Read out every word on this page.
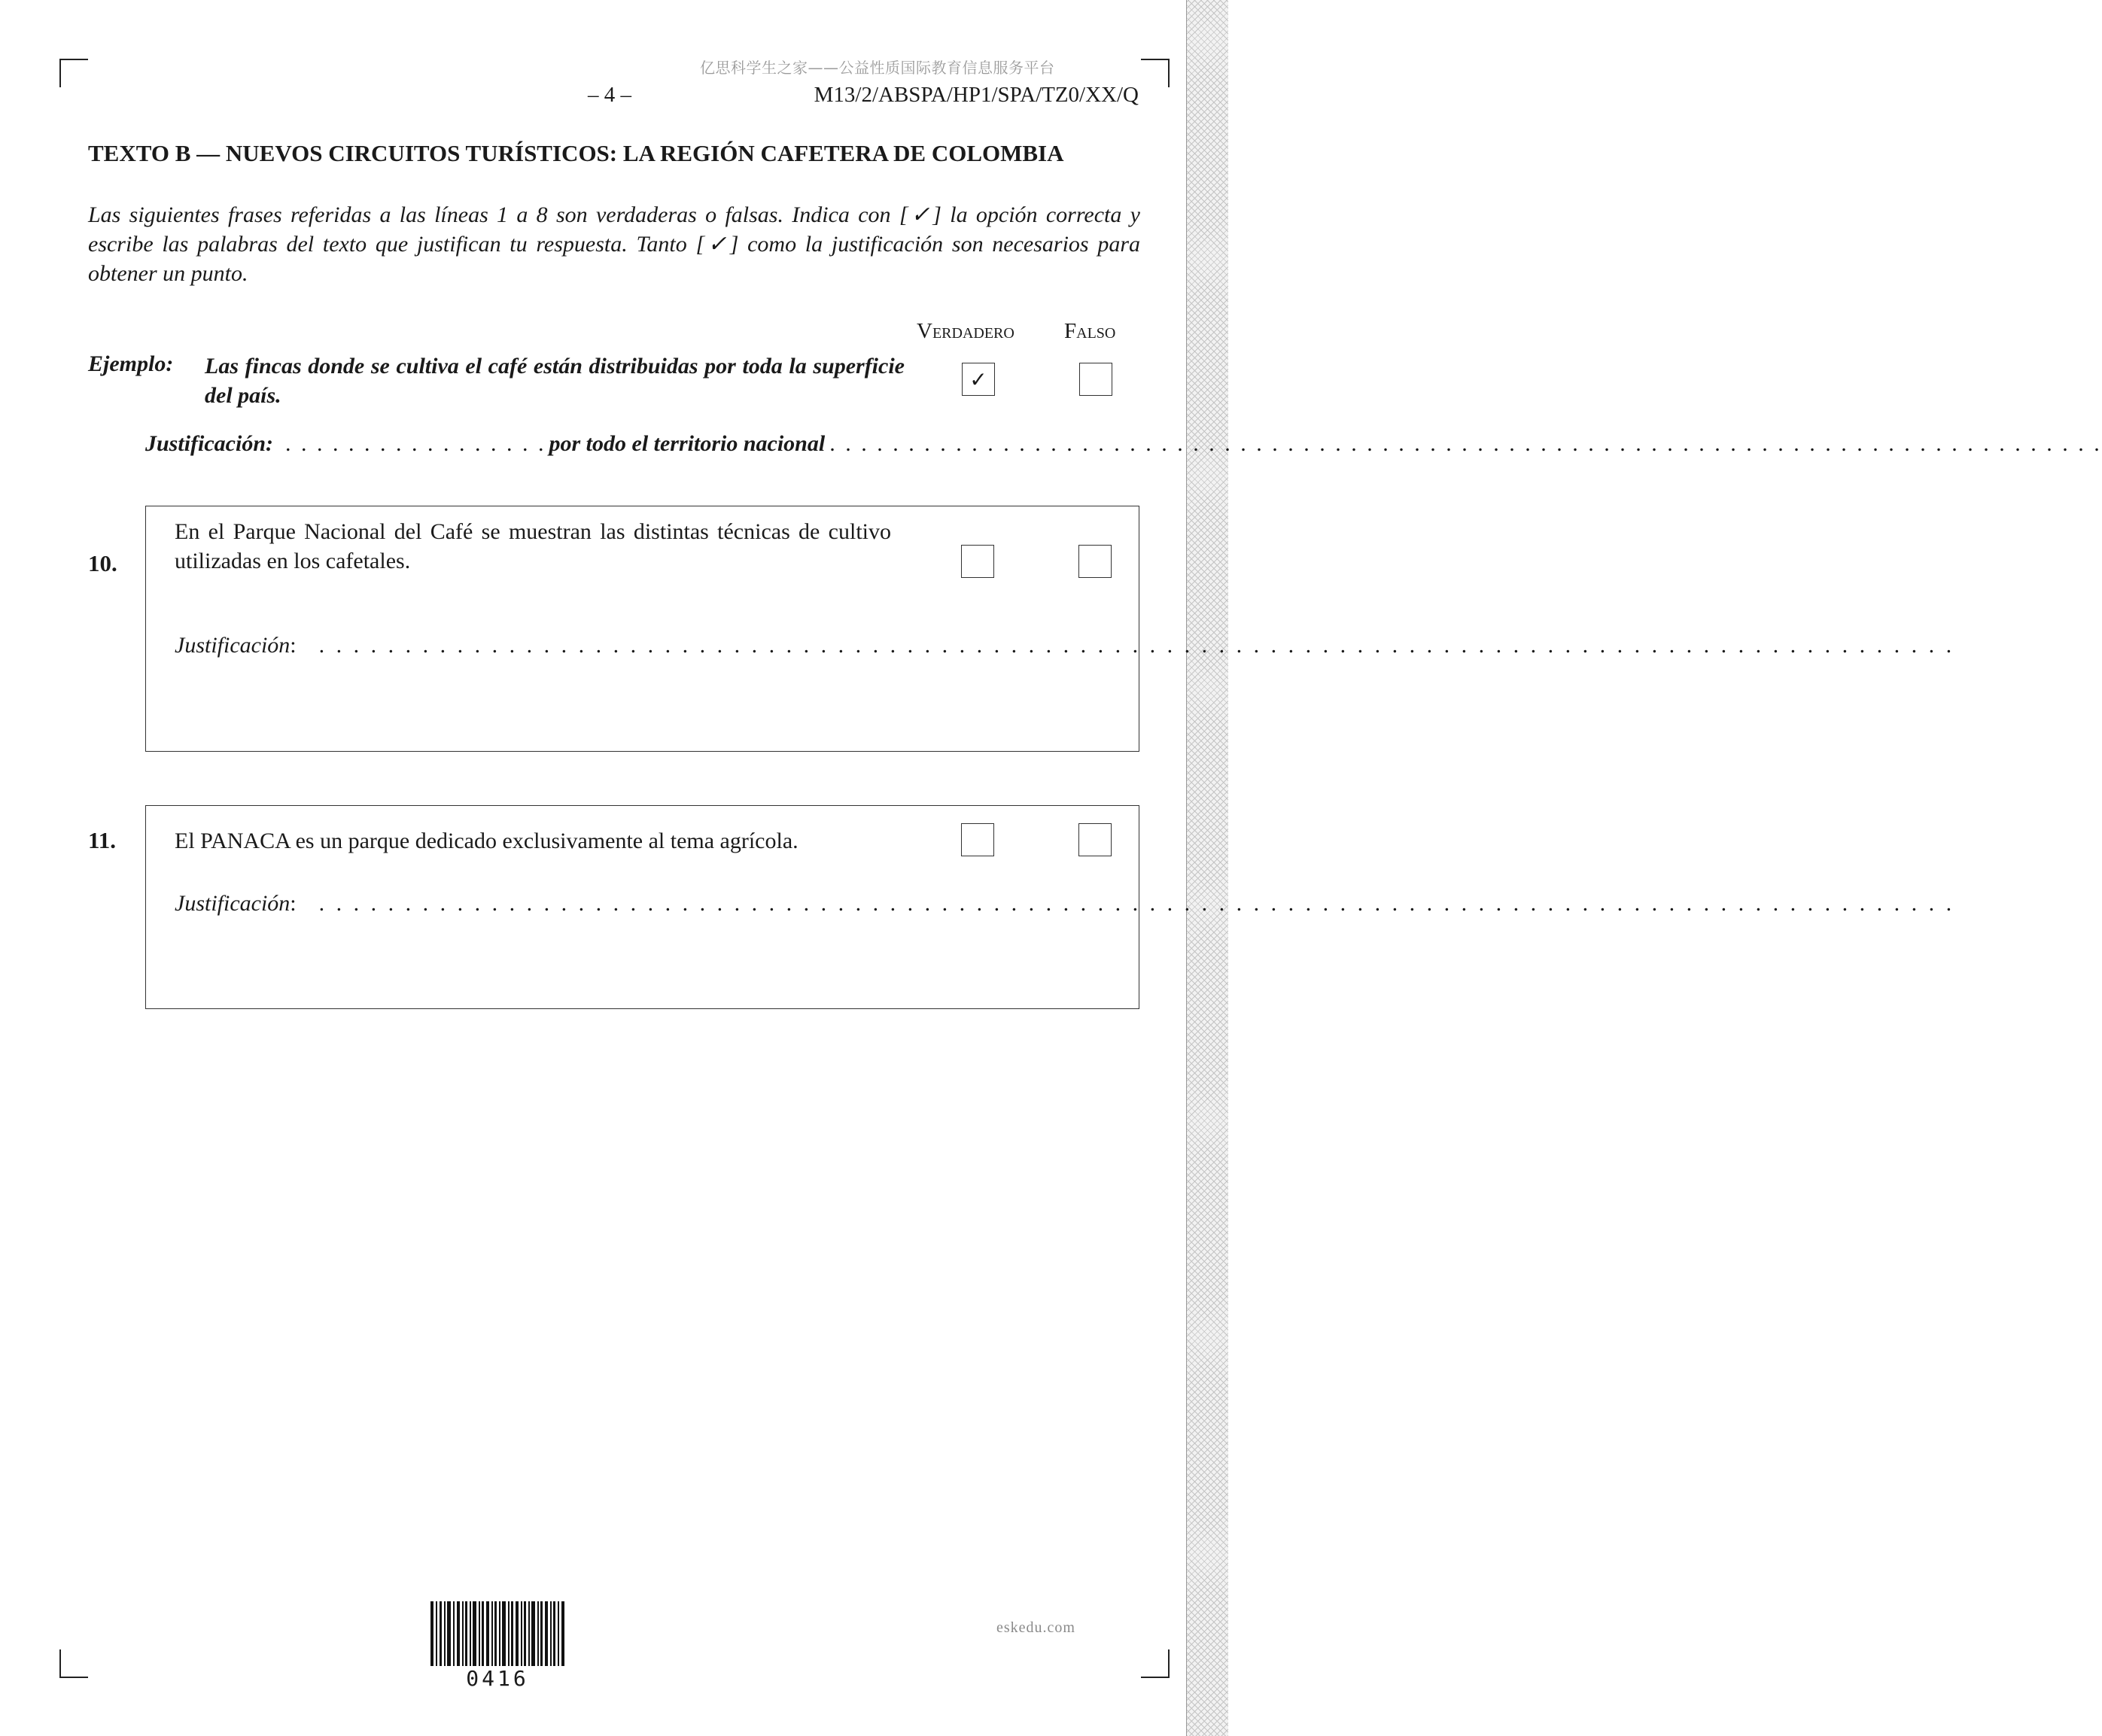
亿思科学生之家——公益性质国际教育信息服务平台
– 4 –	M13/2/ABSPA/HP1/SPA/TZ0/XX/Q
TEXTO B — NUEVOS CIRCUITOS TURÍSTICOS: LA REGIÓN CAFETERA DE COLOMBIA
Las siguientes frases referidas a las líneas 1 a 8 son verdaderas o falsas. Indica con [✓] la opción correcta y escribe las palabras del texto que justifican tu respuesta. Tanto [✓] como la justificación son necesarios para obtener un punto.
Verdadero Falso
Ejemplo: Las fincas donde se cultiva el café están distribuidas por toda la superficie del país.
✓
Justificación: . . . . . . . . . . . . . . . . . por todo el territorio nacional . . . . . . . . . . . . . . . . . . . . . . . . . . . . . . . . . . . . . . . . . . . . . . . . . . . . . . . . . . . . . . . . . . . . . . . . . . . . . . . . .
10.
En el Parque Nacional del Café se muestran las distintas técnicas de cultivo utilizadas en los cafetales.
Justificación : . . . . . . . . . . . . . . . . . . . . . . . . . . . . . . . . . . . . . . . . . . . . . . . . . . . . . . . . . . . . . . . . . . . . . . . . . . . . . . . . . . . . . . . . . . . . . . .
11.	El PANACA es un parque dedicado exclusivamente al tema agrícola.
Justificación : . . . . . . . . . . . . . . . . . . . . . . . . . . . . . . . . . . . . . . . . . . . . . . . . . . . . . . . . . . . . . . . . . . . . . . . . . . . . . . . . . . . . . . . . . . . . . . .
0416
eskedu.com
